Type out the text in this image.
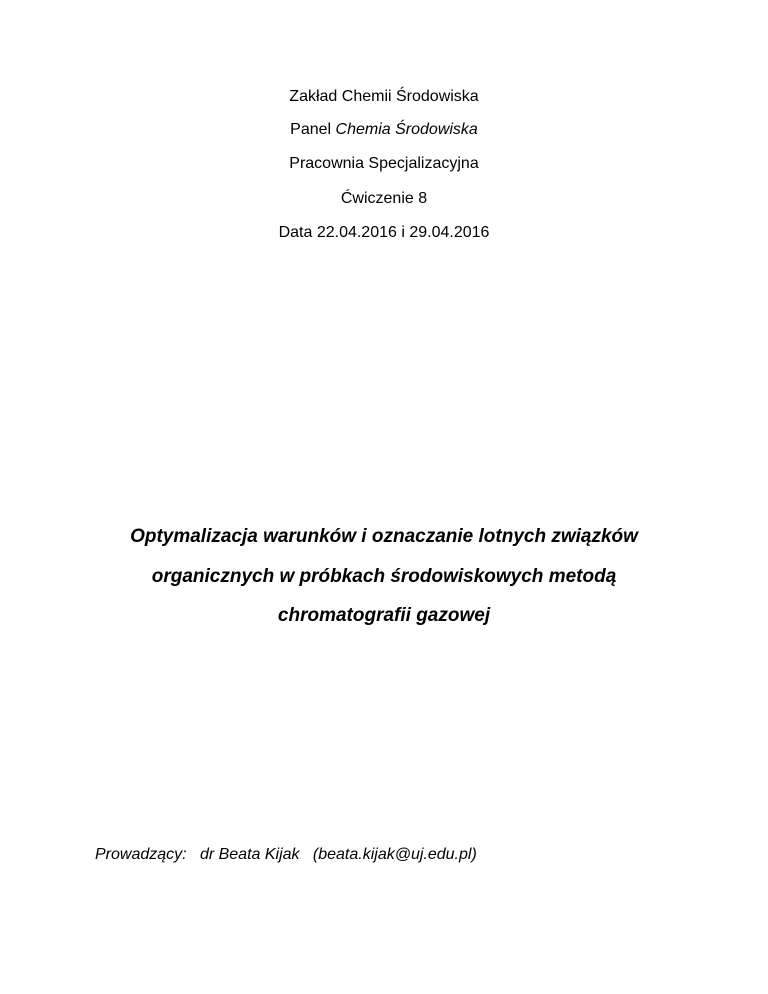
Zakład Chemii Środowiska
Panel Chemia Środowiska
Pracownia Specjalizacyjna
Ćwiczenie 8
Data 22.04.2016 i 29.04.2016
Optymalizacja warunków i oznaczanie lotnych związków
organicznych w próbkach środowiskowych metodą
chromatografii gazowej
Prowadzący: dr Beata Kijak (beata.kijak@uj.edu.pl)
